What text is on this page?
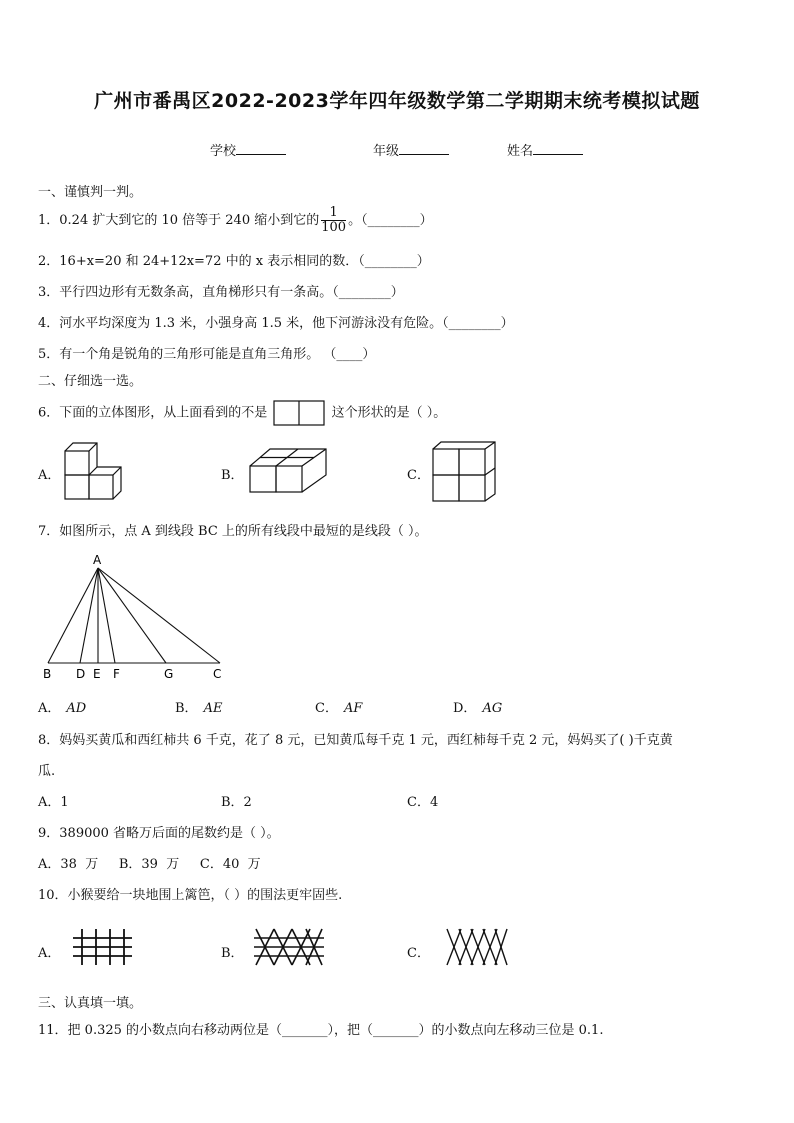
广州市番禺区2022-2023学年四年级数学第二学期期末统考模拟试题
学校	年级	姓名
一、谨慎判一判。
1．0.24 扩大到它的 10 倍等于 240 缩小到它的 $\frac{1}{100}$ 。（________）
2．16+x=20 和 24+12x=72 中的 x 表示相同的数．（________）
3．平行四边形有无数条高，直角梯形只有一条高。（________）
4．河水平均深度为 1.3 米，小强身高 1.5 米，他下河游泳没有危险。（________）
5．有一个角是锐角的三角形可能是直角三角形。 （____）
二、仔细选一选。
6．下面的立体图形，从上面看到的不是	这个形状的是（ ）。
A．	B．	C．
7．如图所示，点 A 到线段 BC 上的所有线段中最短的是线段（ ）。
A
B D E F	G	C
A． AD	B． AE	C． AF	D． AG
8．妈妈买黄瓜和西红柿共 6 千克，花了 8 元，已知黄瓜每千克 1 元，西红柿每千克 2 元，妈妈买了( )千克黄
瓜.
A．1	B．2	C．4
9．389000 省略万后面的尾数约是（ ）。
A．38  万     B．39  万     C．40  万
10．小猴要给一块地围上篱笆，（ ）的围法更牢固些.
A．	B．	C．
三、认真填一填。
11．把 0.325 的小数点向右移动两位是（_______），把（_______）的小数点向左移动三位是 0.1.
